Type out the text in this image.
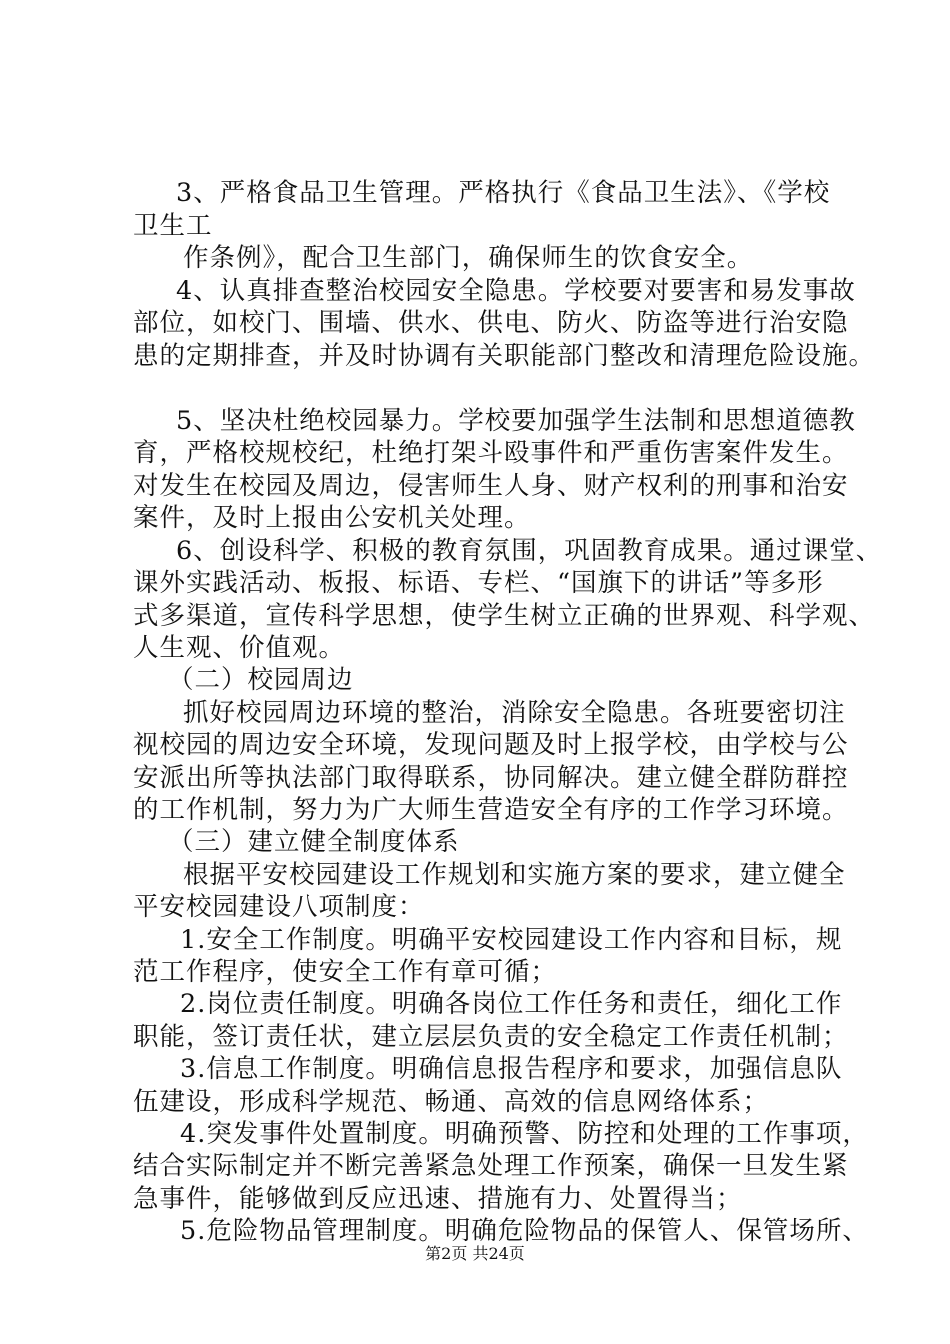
3、严格食品卫生管理。严格执行《食品卫生法》、《学校
卫生工
作条例》，配合卫生部门，确保师生的饮食安全。
4、认真排查整治校园安全隐患。学校要对要害和易发事故
部位，如校门、围墙、供水、供电、防火、防盗等进行治安隐
患的定期排查，并及时协调有关职能部门整改和清理危险设施。
5、坚决杜绝校园暴力。学校要加强学生法制和思想道德教
育，严格校规校纪，杜绝打架斗殴事件和严重伤害案件发生。
对发生在校园及周边，侵害师生人身、财产权利的刑事和治安
案件，及时上报由公安机关处理。
6、创设科学、积极的教育氛围，巩固教育成果。通过课堂、
课外实践活动、板报、标语、专栏、“国旗下的讲话”等多形
式多渠道，宣传科学思想，使学生树立正确的世界观、科学观、
人生观、价值观。
（二）校园周边
抓好校园周边环境的整治，消除安全隐患。各班要密切注
视校园的周边安全环境，发现问题及时上报学校，由学校与公
安派出所等执法部门取得联系，协同解决。建立健全群防群控
的工作机制，努力为广大师生营造安全有序的工作学习环境。
（三）建立健全制度体系
根据平安校园建设工作规划和实施方案的要求，建立健全
平安校园建设八项制度：
1.安全工作制度。明确平安校园建设工作内容和目标，规
范工作程序，使安全工作有章可循；
2.岗位责任制度。明确各岗位工作任务和责任，细化工作
职能，签订责任状，建立层层负责的安全稳定工作责任机制；
3.信息工作制度。明确信息报告程序和要求，加强信息队
伍建设，形成科学规范、畅通、高效的信息网络体系；
4.突发事件处置制度。明确预警、防控和处理的工作事项，
结合实际制定并不断完善紧急处理工作预案，确保一旦发生紧
急事件，能够做到反应迅速、措施有力、处置得当；
5.危险物品管理制度。明确危险物品的保管人、保管场所、
第2页 共24页
